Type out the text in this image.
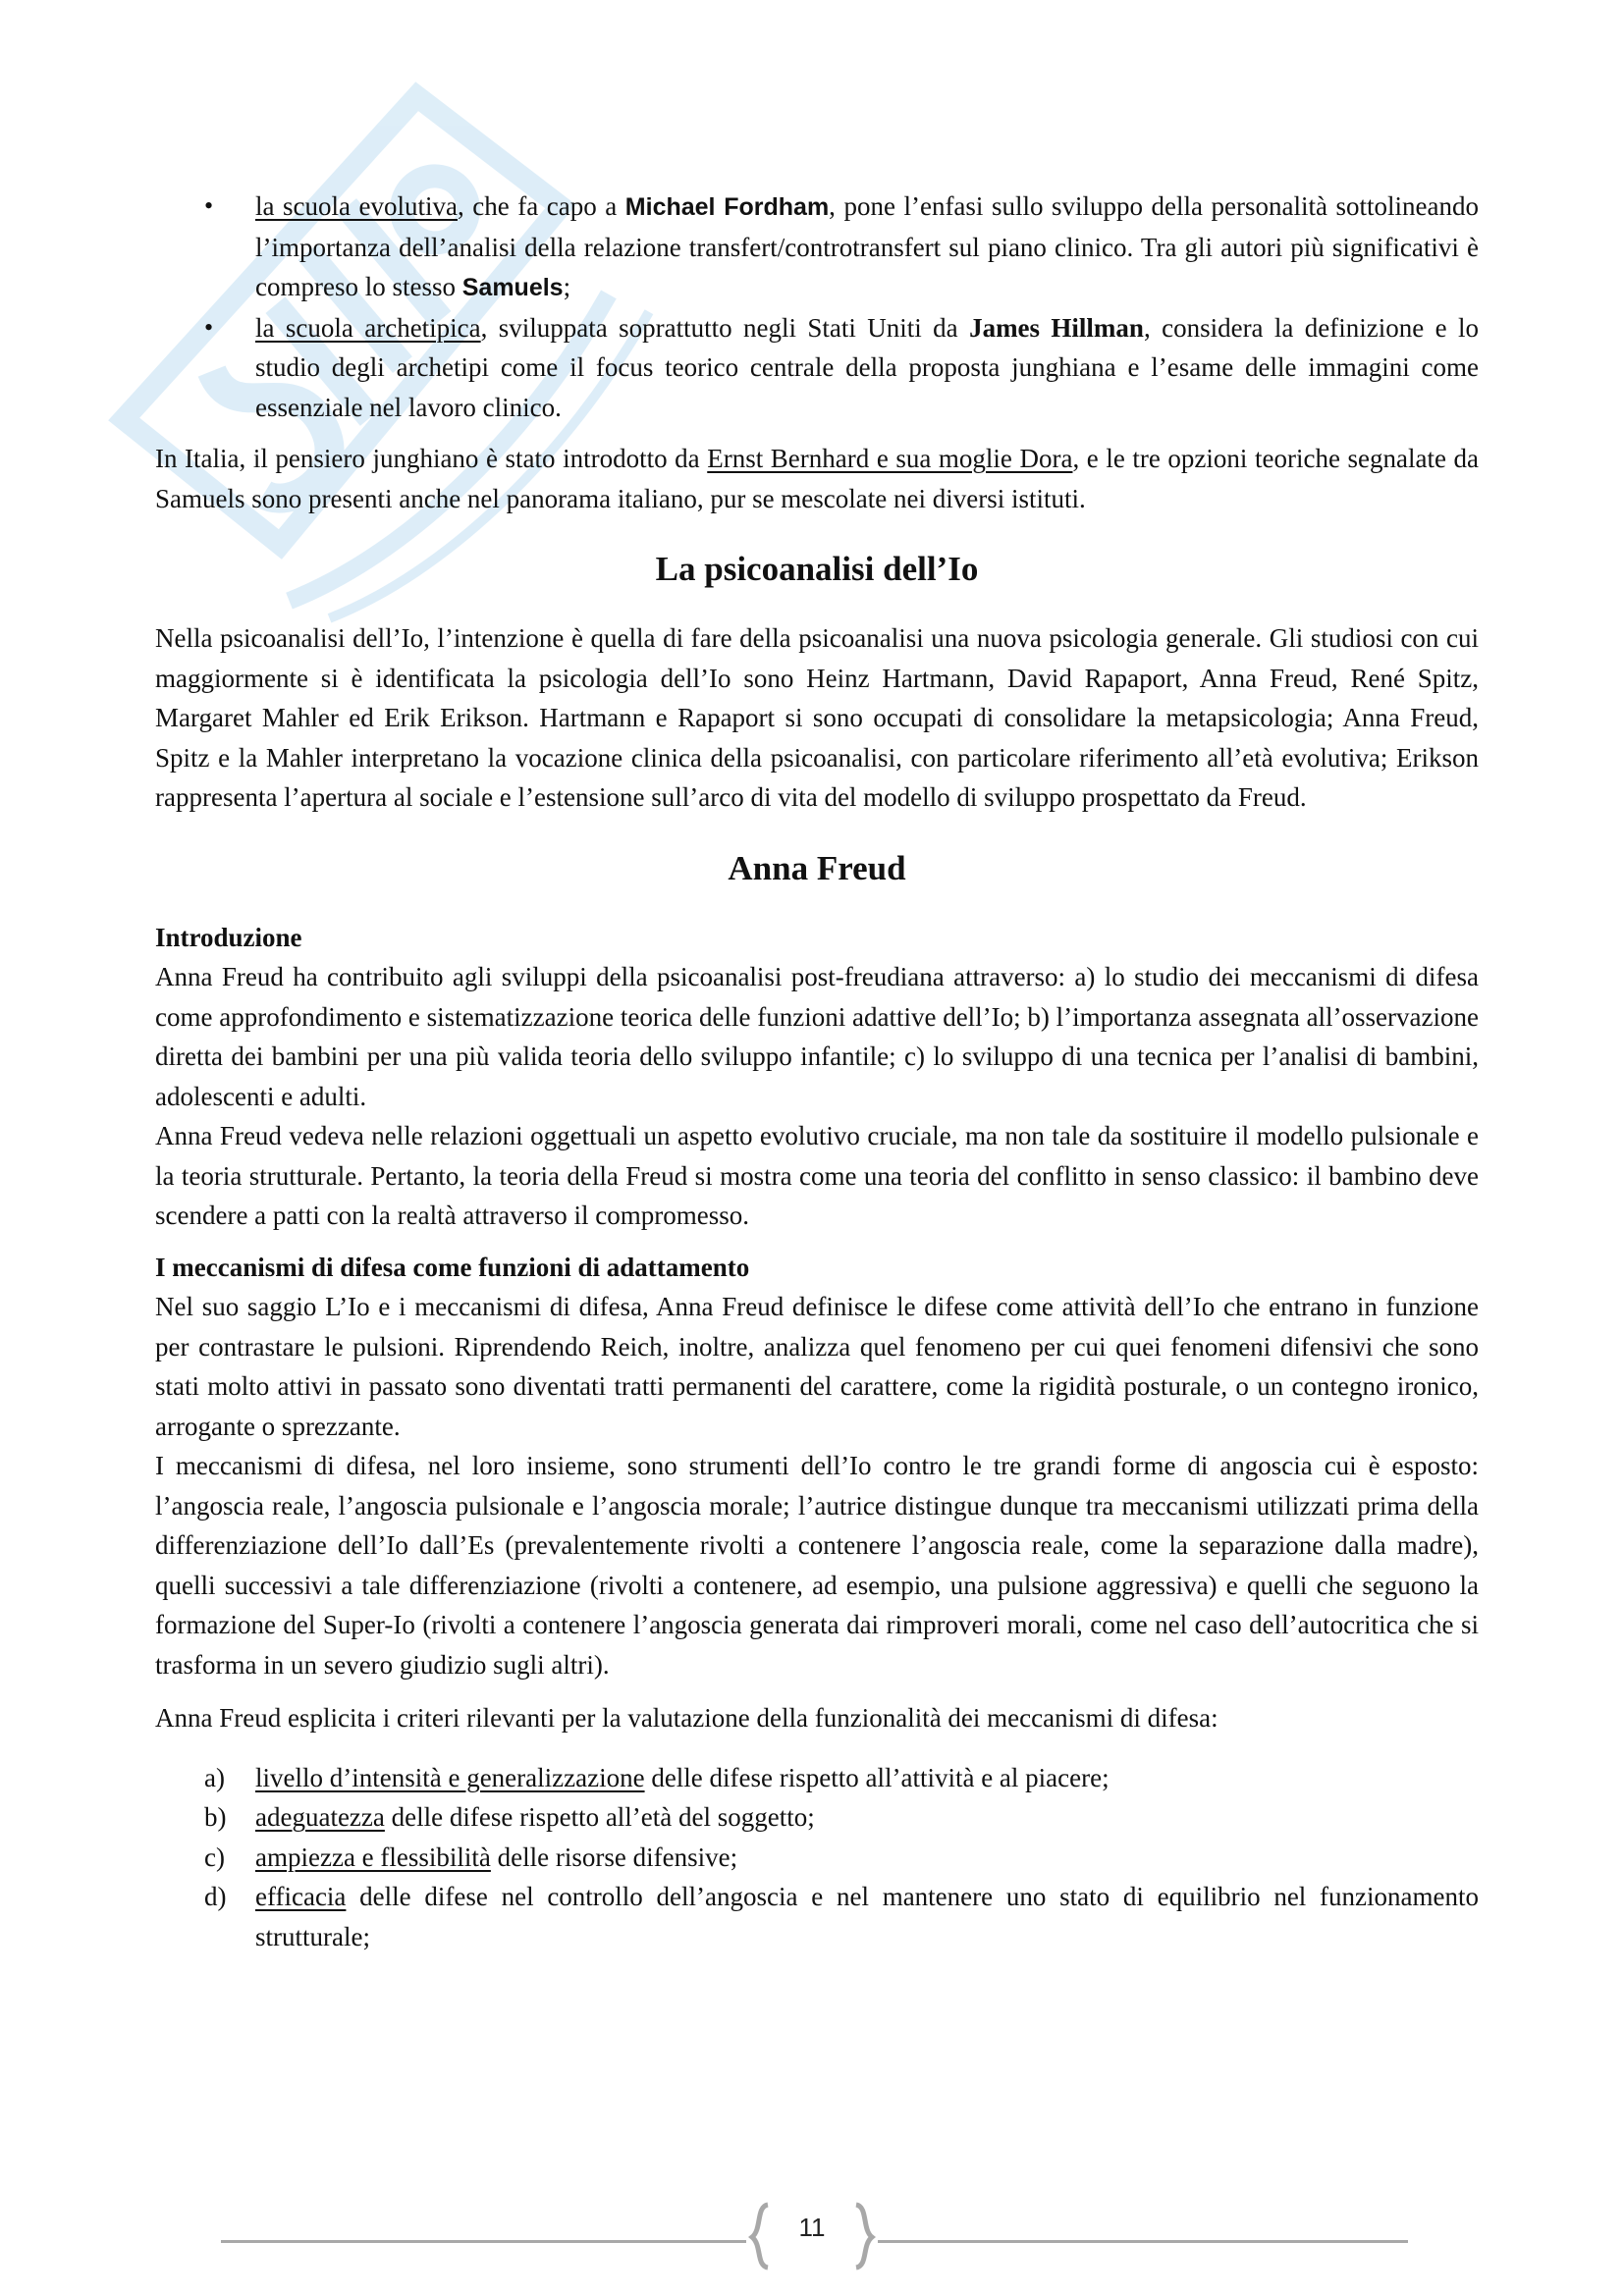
• la scuola evolutiva, che fa capo a Michael Fordham, pone l’enfasi sullo sviluppo della personalità sottolineando l’importanza dell’analisi della relazione transfert/controtransfert sul piano clinico. Tra gli autori più significativi è compreso lo stesso Samuels;
• la scuola archetipica, sviluppata soprattutto negli Stati Uniti da James Hillman, considera la definizione e lo studio degli archetipi come il focus teorico centrale della proposta junghiana e l’esame delle immagini come essenziale nel lavoro clinico.

In Italia, il pensiero junghiano è stato introdotto da Ernst Bernhard e sua moglie Dora, e le tre opzioni teoriche segnalate da Samuels sono presenti anche nel panorama italiano, pur se mescolate nei diversi istituti.

La psicoanalisi dell’Io

Nella psicoanalisi dell’Io, l’intenzione è quella di fare della psicoanalisi una nuova psicologia generale. Gli studiosi con cui maggiormente si è identificata la psicologia dell’Io sono Heinz Hartmann, David Rapaport, Anna Freud, René Spitz, Margaret Mahler ed Erik Erikson. Hartmann e Rapaport si sono occupati di consolidare la metapsicologia; Anna Freud, Spitz e la Mahler interpretano la vocazione clinica della psicoanalisi, con particolare riferimento all’età evolutiva; Erikson rappresenta l’apertura al sociale e l’estensione sull’arco di vita del modello di sviluppo prospettato da Freud.

Anna Freud
Introduzione

Anna Freud ha contribuito agli sviluppi della psicoanalisi post-freudiana attraverso: a) lo studio dei meccanismi di difesa come approfondimento e sistematizzazione teorica delle funzioni adattive dell’Io; b) l’importanza assegnata all’osservazione diretta dei bambini per una più valida teoria dello sviluppo infantile; c) lo sviluppo di una tecnica per l’analisi di bambini, adolescenti e adulti.

Anna Freud vedeva nelle relazioni oggettuali un aspetto evolutivo cruciale, ma non tale da sostituire il modello pulsionale e la teoria strutturale. Pertanto, la teoria della Freud si mostra come una teoria del conflitto in senso classico: il bambino deve scendere a patti con la realtà attraverso il compromesso.

I meccanismi di difesa come funzioni di adattamento

Nel suo saggio L’Io e i meccanismi di difesa, Anna Freud definisce le difese come attività dell’Io che entrano in funzione per contrastare le pulsioni. Riprendendo Reich, inoltre, analizza quel fenomeno per cui quei fenomeni difensivi che sono stati molto attivi in passato sono diventati tratti permanenti del carattere, come la rigidità posturale, o un contegno ironico, arrogante o sprezzante.

I meccanismi di difesa, nel loro insieme, sono strumenti dell’Io contro le tre grandi forme di angoscia cui è esposto: l’angoscia reale, l’angoscia pulsionale e l’angoscia morale; l’autrice distingue dunque tra meccanismi utilizzati prima della differenziazione dell’Io dall’Es (prevalentemente rivolti a contenere l’angoscia reale, come la separazione dalla madre), quelli successivi a tale differenziazione (rivolti a contenere, ad esempio, una pulsione aggressiva) e quelli che seguono la formazione del Super-Io (rivolti a contenere l’angoscia generata dai rimproveri morali, come nel caso dell’autocritica che si trasforma in un severo giudizio sugli altri).

Anna Freud esplicita i criteri rilevanti per la valutazione della funzionalità dei meccanismi di difesa:

a) livello d’intensità e generalizzazione delle difese rispetto all’attività e al piacere;
b) adeguatezza delle difese rispetto all’età del soggetto;
c) ampiezza e flessibilità delle risorse difensive;
d) efficacia delle difese nel controllo dell’angoscia e nel mantenere uno stato di equilibrio nel funzionamento strutturale;
11
